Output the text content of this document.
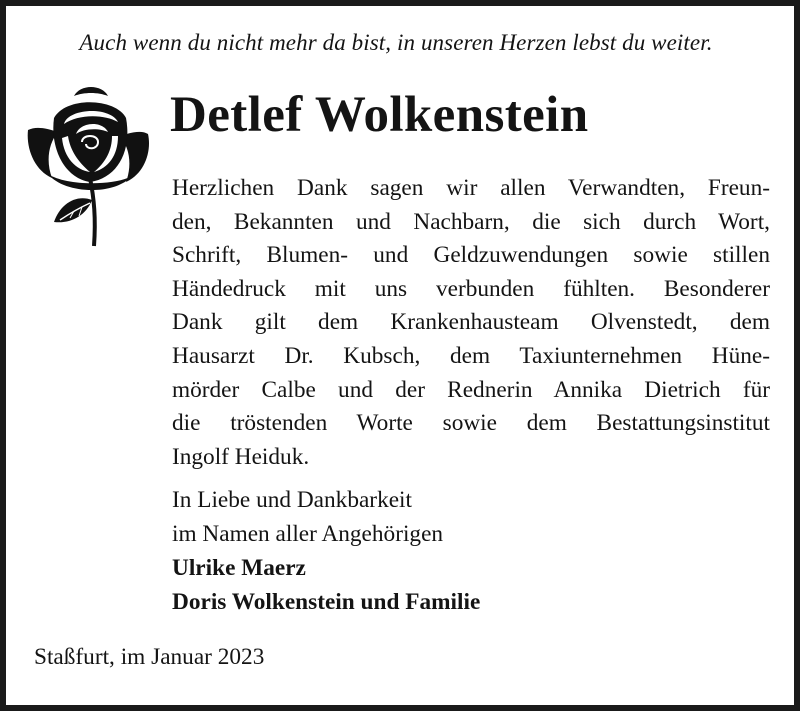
Auch wenn du nicht mehr da bist, in unseren Herzen lebst du weiter.
Detlef Wolkenstein
Herzlichen Dank sagen wir allen Verwandten, Freun-
den, Bekannten und Nachbarn, die sich durch Wort,
Schrift, Blumen- und Geldzuwendungen sowie stillen
Händedruck mit uns verbunden fühlten. Besonderer
Dank gilt dem Krankenhausteam Olvenstedt, dem
Hausarzt Dr. Kubsch, dem Taxiunternehmen Hüne-
mörder Calbe und der Rednerin Annika Dietrich für
die tröstenden Worte sowie dem Bestattungsinstitut
Ingolf Heiduk.
In Liebe und Dankbarkeit
im Namen aller Angehörigen
Ulrike Maerz
Doris Wolkenstein und Familie
Staßfurt, im Januar 2023
